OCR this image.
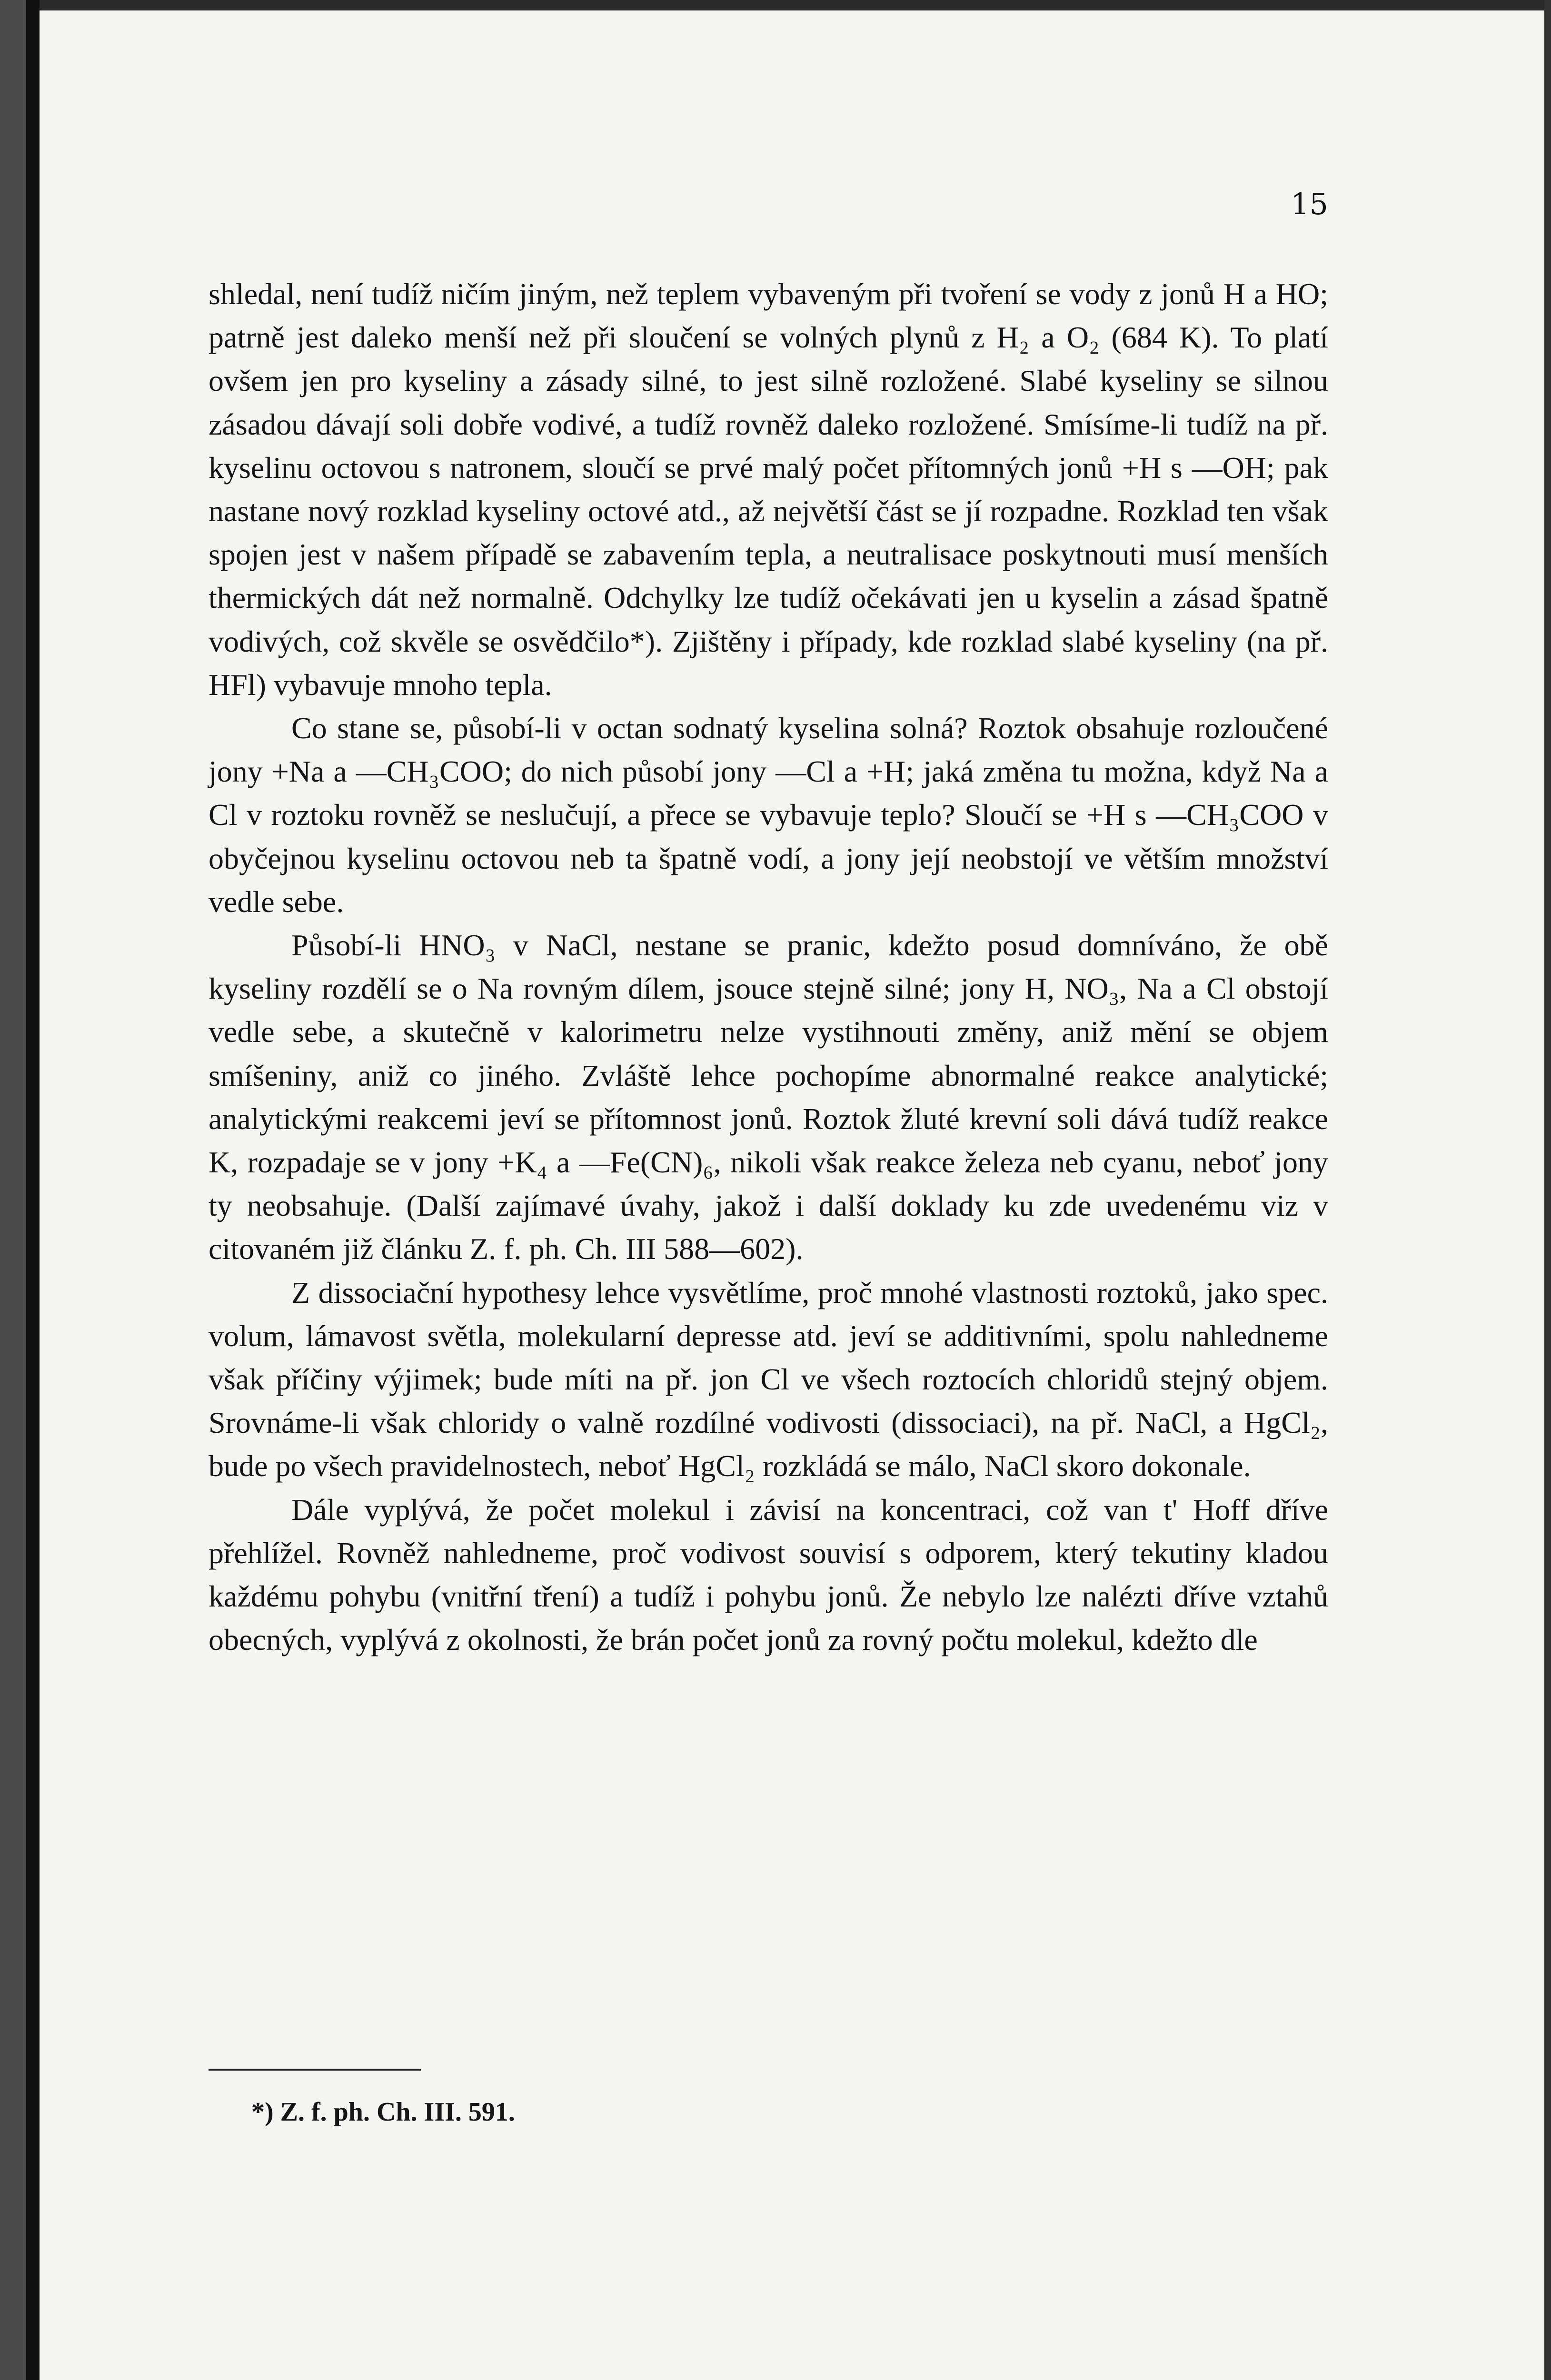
15

shledal, není tudíž ničím jiným, než teplem vybaveným při tvoření se vody z jonů H a HO; patrně jest daleko menší než při sloučení se volných plynů z H₂ a O₂ (684 K). To platí ovšem jen pro kyseliny a zásady silné, to jest silně rozložené. Slabé kyseliny se silnou zásadou dávají soli dobře vodivé, a tudíž rovněž daleko rozložené. Smísíme-li tudíž na př. kyselinu octovou s natronem, sloučí se prvé malý počet přítomných jonů +H s —OH; pak nastane nový rozklad kyseliny octové atd., až největší část se jí rozpadne. Rozklad ten však spojen jest v našem případě se zabavením tepla, a neutralisace poskytnouti musí menších thermických dát než normalně. Odchylky lze tudíž očekávati jen u kyselin a zásad špatně vodivých, což skvěle se osvědčilo*). Zjištěny i případy, kde rozklad slabé kyseliny (na př. HFl) vybavuje mnoho tepla.

Co stane se, působí-li v octan sodnatý kyselina solná? Roztok obsahuje rozloučené jony +Na a —CH₃COO; do nich působí jony —Cl a +H; jaká změna tu možna, když Na a Cl v roztoku rovněž se neslučují, a přece se vybavuje teplo? Sloučí se +H s —CH₃COO v obyčejnou kyselinu octovou neb ta špatně vodí, a jony její neobstojí ve větším množství vedle sebe.

Působí-li HNO₃ v NaCl, nestane se pranic, kdežto posud domníváno, že obě kyseliny rozdělí se o Na rovným dílem, jsouce stejně silné; jony H, NO₃, Na a Cl obstojí vedle sebe, a skutečně v kalorimetru nelze vystihnouti změny, aniž mění se objem smíšeniny, aniž co jiného. Zvláště lehce pochopíme abnormalné reakce analytické; analytickými reakcemi jeví se přítomnost jonů. Roztok žluté krevní soli dává tudíž reakce K, rozpadaje se v jony +K₄ a —Fe(CN)₆, nikoli však reakce železa neb cyanu, neboť jony ty neobsahuje. (Další zajímavé úvahy, jakož i další doklady ku zde uvedenému viz v citovaném již článku Z. f. ph. Ch. III 588—602).

Z dissociační hypothesy lehce vysvětlíme, proč mnohé vlastnosti roztoků, jako spec. volum, lámavost světla, molekularní depresse atd. jeví se additivními, spolu nahledneme však příčiny výjimek; bude míti na př. jon Cl ve všech roztocích chloridů stejný objem. Srovnáme-li však chloridy o valně rozdílné vodivosti (dissociaci), na př. NaCl, a HgCl₂, bude po všech pravidelnostech, neboť HgCl₂ rozkládá se málo, NaCl skoro dokonale.

Dále vyplývá, že počet molekul i závisí na koncentraci, což van t' Hoff dříve přehlížel. Rovněž nahledneme, proč vodivost souvisí s odporem, který tekutiny kladou každému pohybu (vnitřní tření) a tudíž i pohybu jonů. Že nebylo lze nalézti dříve vztahů obecných, vyplývá z okolnosti, že brán počet jonů za rovný počtu molekul, kdežto dle

*) Z. f. ph. Ch. III. 591.
